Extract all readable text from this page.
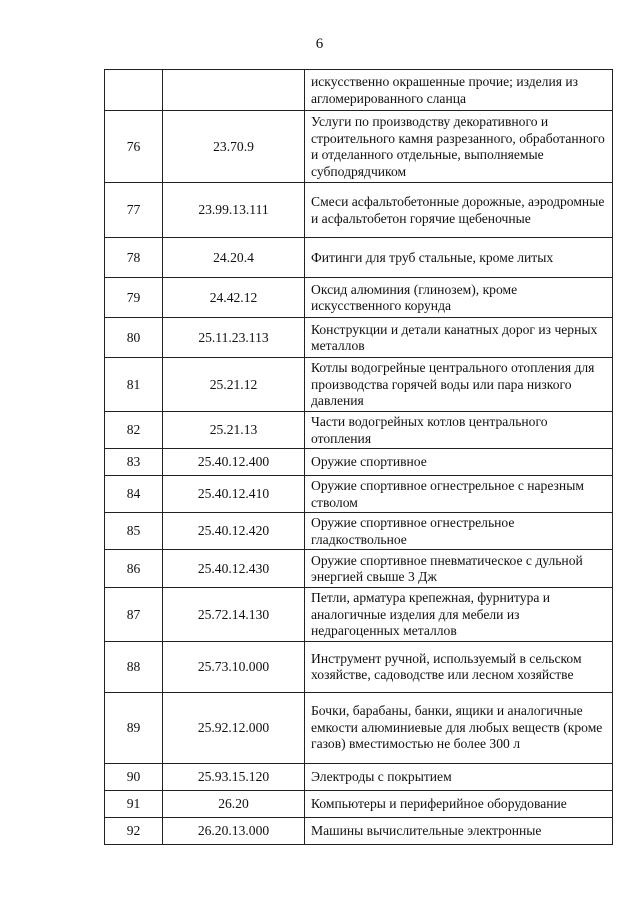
6
		искусственно окрашенные прочие; изделия из агломерированного сланца
76	23.70.9	Услуги по производству декоративного и строительного камня разрезанного, обработанного и отделанного отдельные, выполняемые субподрядчиком
77	23.99.13.111	Смеси асфальтобетонные дорожные, аэродромные и асфальтобетон горячие щебеночные
78	24.20.4	Фитинги для труб стальные, кроме литых
79	24.42.12	Оксид алюминия (глинозем), кроме искусственного корунда
80	25.11.23.113	Конструкции и детали канатных дорог из черных металлов
81	25.21.12	Котлы водогрейные центрального отопления для производства горячей воды или пара низкого давления
82	25.21.13	Части водогрейных котлов центрального отопления
83	25.40.12.400	Оружие спортивное
84	25.40.12.410	Оружие спортивное огнестрельное с нарезным стволом
85	25.40.12.420	Оружие спортивное огнестрельное гладкоствольное
86	25.40.12.430	Оружие спортивное пневматическое с дульной энергией свыше 3 Дж
87	25.72.14.130	Петли, арматура крепежная, фурнитура и аналогичные изделия для мебели из недрагоценных металлов
88	25.73.10.000	Инструмент ручной, используемый в сельском хозяйстве, садоводстве или лесном хозяйстве
89	25.92.12.000	Бочки, барабаны, банки, ящики и аналогичные емкости алюминиевые для любых веществ (кроме газов) вместимостью не более 300 л
90	25.93.15.120	Электроды с покрытием
91	26.20	Компьютеры и периферийное оборудование
92	26.20.13.000	Машины вычислительные электронные
